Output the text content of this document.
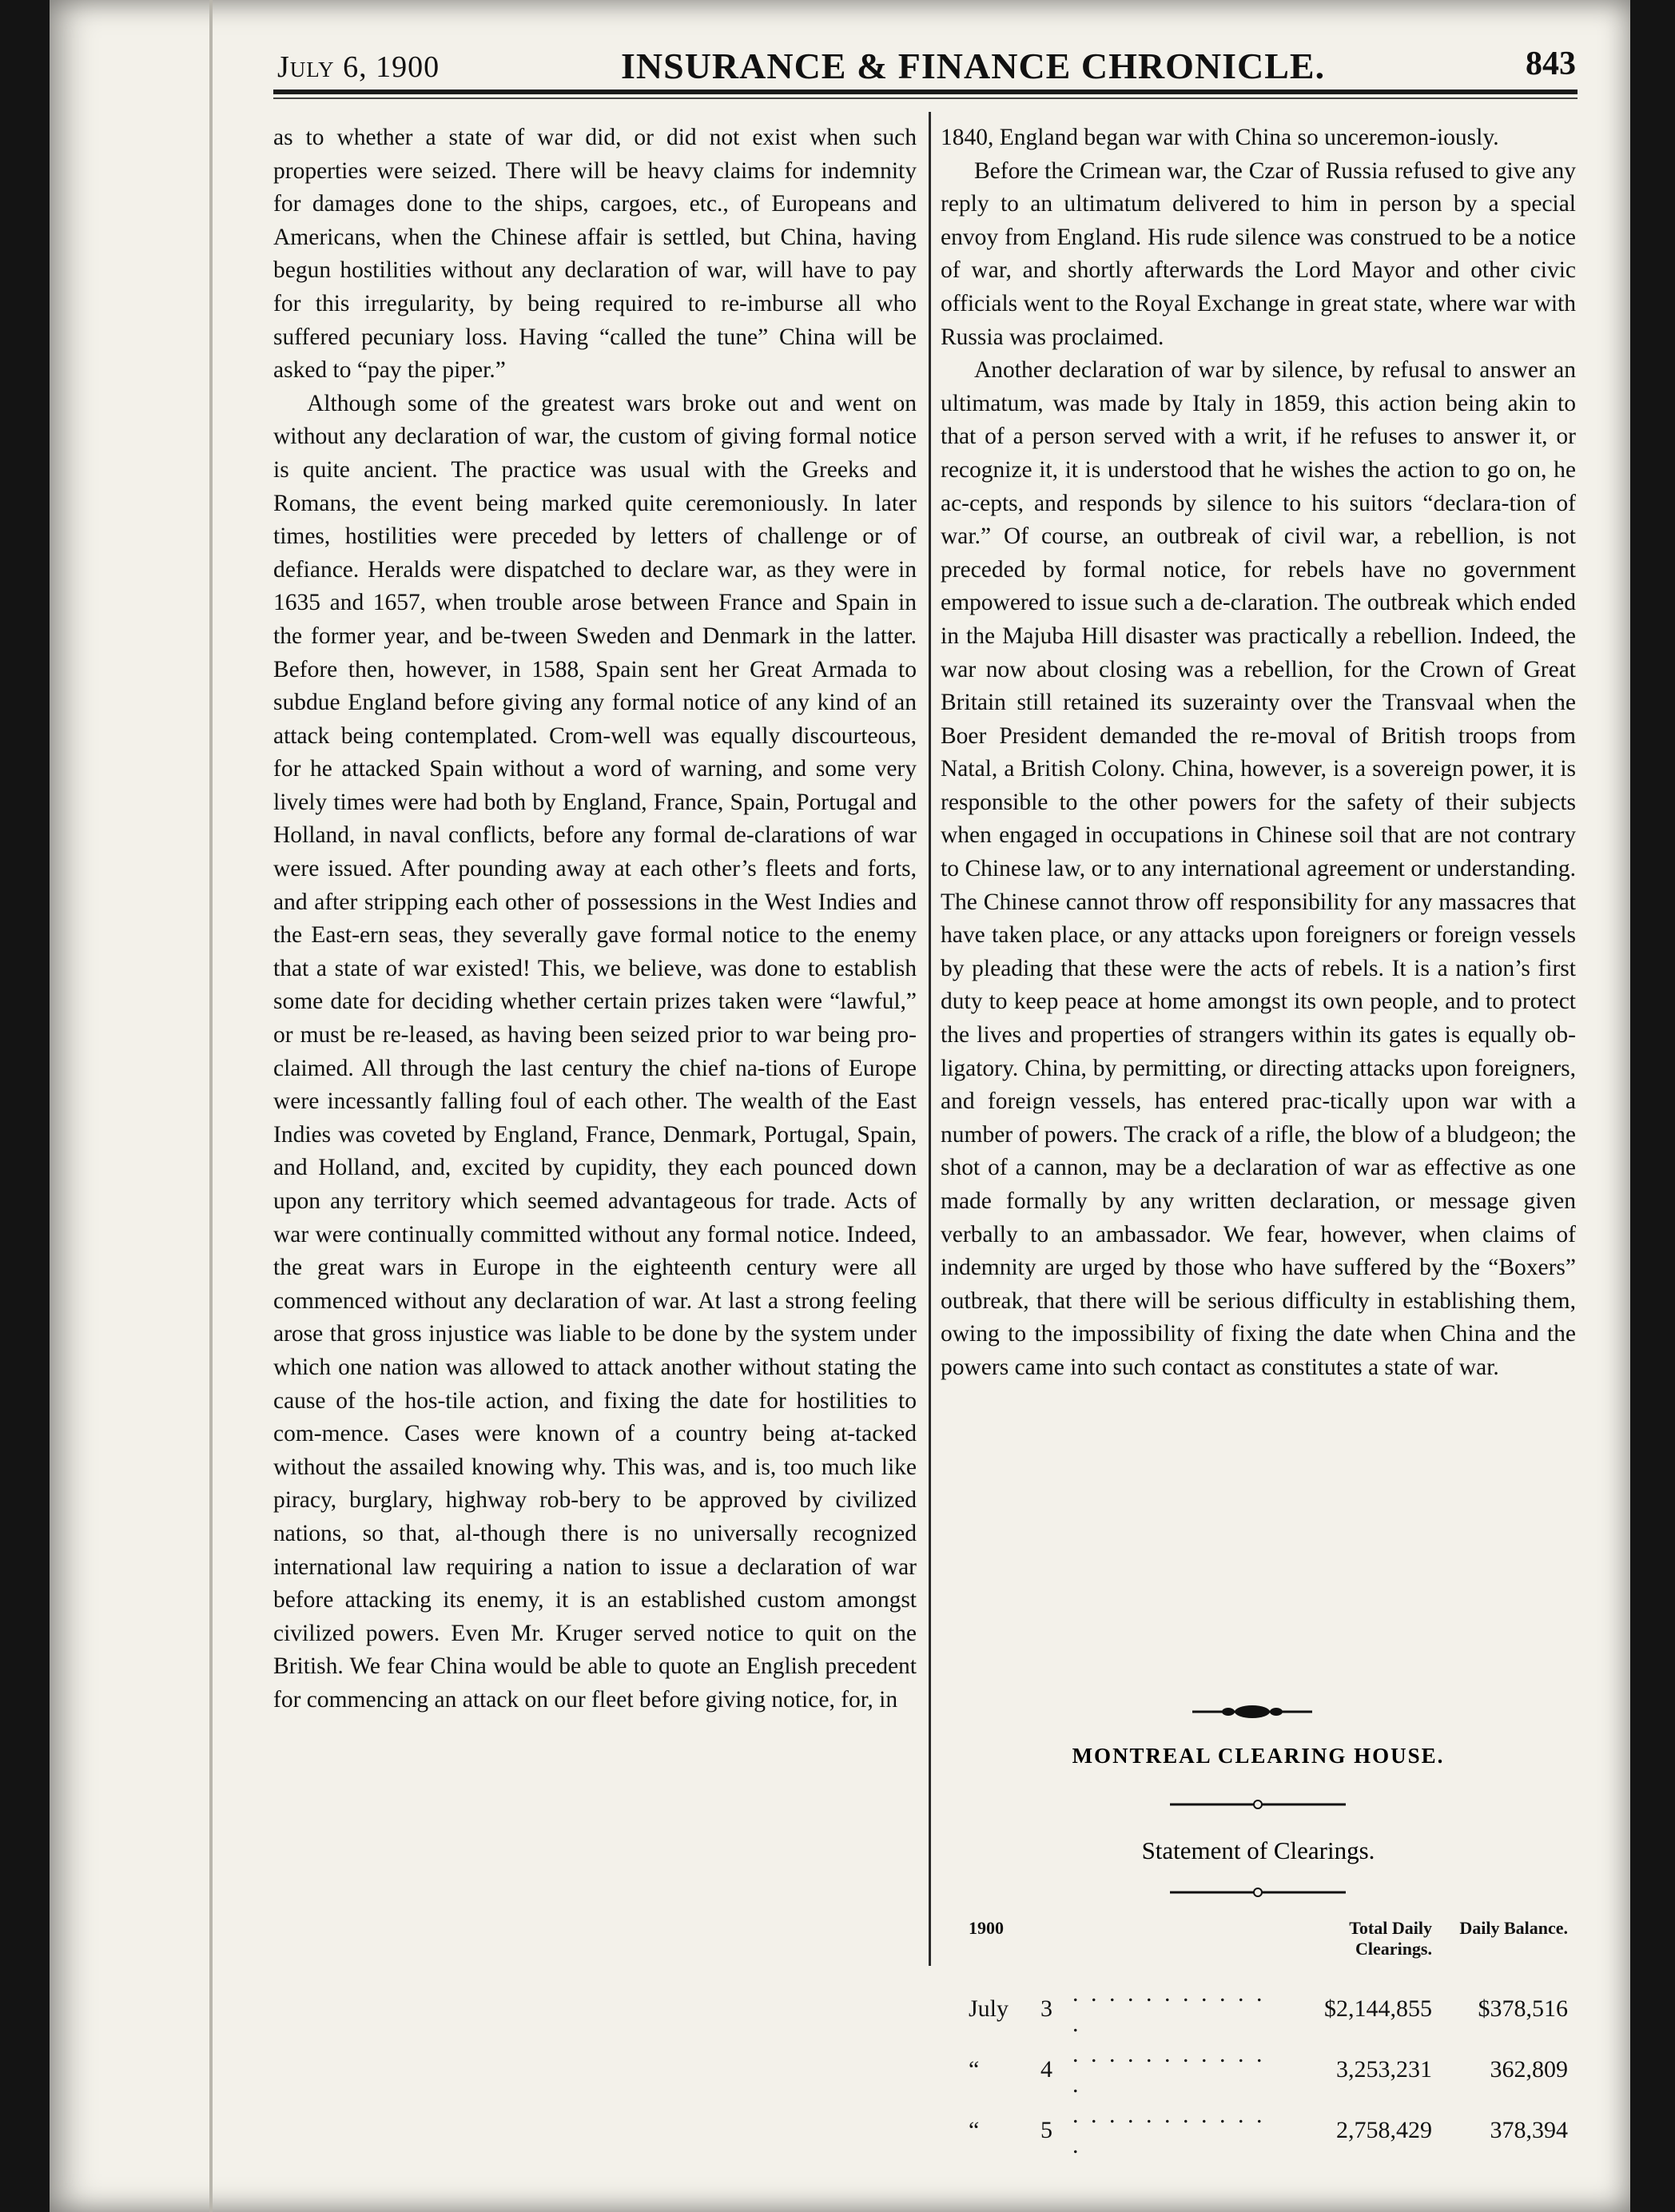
July 6, 1900	INSURANCE & FINANCE CHRONICLE.	843

as to whether a state of war did, or did not exist when such properties were seized. There will be heavy claims for indemnity for damages done to the ships, cargoes, etc., of Europeans and Americans, when the Chinese affair is settled, but China, having begun hostilities without any declaration of war, will have to pay for this irregularity, by being required to re-imburse all who suffered pecuniary loss. Having “called the tune” China will be asked to “pay the piper.”

Although some of the greatest wars broke out and went on without any declaration of war, the custom of giving formal notice is quite ancient. The practice was usual with the Greeks and Romans, the event being marked quite ceremoniously. In later times, hostilities were preceded by letters of challenge or of defiance. Heralds were dispatched to declare war, as they were in 1635 and 1657, when trouble arose between France and Spain in the former year, and be-tween Sweden and Denmark in the latter. Before then, however, in 1588, Spain sent her Great Armada to subdue England before giving any formal notice of any kind of an attack being contemplated. Crom-well was equally discourteous, for he attacked Spain without a word of warning, and some very lively times were had both by England, France, Spain, Portugal and Holland, in naval conflicts, before any formal de-clarations of war were issued. After pounding away at each other’s fleets and forts, and after stripping each other of possessions in the West Indies and the East-ern seas, they severally gave formal notice to the enemy that a state of war existed! This, we believe, was done to establish some date for deciding whether certain prizes taken were “lawful,” or must be re-leased, as having been seized prior to war being pro-claimed. All through the last century the chief na-tions of Europe were incessantly falling foul of each other. The wealth of the East Indies was coveted by England, France, Denmark, Portugal, Spain, and Holland, and, excited by cupidity, they each pounced down upon any territory which seemed advantageous for trade. Acts of war were continually committed without any formal notice. Indeed, the great wars in Europe in the eighteenth century were all commenced without any declaration of war. At last a strong feeling arose that gross injustice was liable to be done by the system under which one nation was allowed to attack another without stating the cause of the hos-tile action, and fixing the date for hostilities to com-mence. Cases were known of a country being at-tacked without the assailed knowing why. This was, and is, too much like piracy, burglary, highway rob-bery to be approved by civilized nations, so that, al-though there is no universally recognized international law requiring a nation to issue a declaration of war before attacking its enemy, it is an established custom amongst civilized powers. Even Mr. Kruger served notice to quit on the British. We fear China would be able to quote an English precedent for commencing an attack on our fleet before giving notice, for, in

1840, England began war with China so unceremon-iously.

Before the Crimean war, the Czar of Russia refused to give any reply to an ultimatum delivered to him in person by a special envoy from England. His rude silence was construed to be a notice of war, and shortly afterwards the Lord Mayor and other civic officials went to the Royal Exchange in great state, where war with Russia was proclaimed.

Another declaration of war by silence, by refusal to answer an ultimatum, was made by Italy in 1859, this action being akin to that of a person served with a writ, if he refuses to answer it, or recognize it, it is understood that he wishes the action to go on, he ac-cepts, and responds by silence to his suitors “declara-tion of war.” Of course, an outbreak of civil war, a rebellion, is not preceded by formal notice, for rebels have no government empowered to issue such a de-claration. The outbreak which ended in the Majuba Hill disaster was practically a rebellion. Indeed, the war now about closing was a rebellion, for the Crown of Great Britain still retained its suzerainty over the Transvaal when the Boer President demanded the re-moval of British troops from Natal, a British Colony. China, however, is a sovereign power, it is responsible to the other powers for the safety of their subjects when engaged in occupations in Chinese soil that are not contrary to Chinese law, or to any international agreement or understanding. The Chinese cannot throw off responsibility for any massacres that have taken place, or any attacks upon foreigners or foreign vessels by pleading that these were the acts of rebels. It is a nation’s first duty to keep peace at home amongst its own people, and to protect the lives and properties of strangers within its gates is equally ob-ligatory. China, by permitting, or directing attacks upon foreigners, and foreign vessels, has entered prac-tically upon war with a number of powers. The crack of a rifle, the blow of a bludgeon; the shot of a cannon, may be a declaration of war as effective as one made formally by any written declaration, or message given verbally to an ambassador. We fear, however, when claims of indemnity are urged by those who have suffered by the “Boxers” outbreak, that there will be serious difficulty in establishing them, owing to the impossibility of fixing the date when China and the powers came into such contact as constitutes a state of war.

MONTREAL CLEARING HOUSE.
Statement of Clearings.
1900			Total Daily Clearings.	Daily Balance.
July	3	. . . . . . . . . . . .	$2,144,855	$378,516
“	4	. . . . . . . . . . . .	3,253,231	362,809
“	5	. . . . . . . . . . . .	2,758,429	378,394
